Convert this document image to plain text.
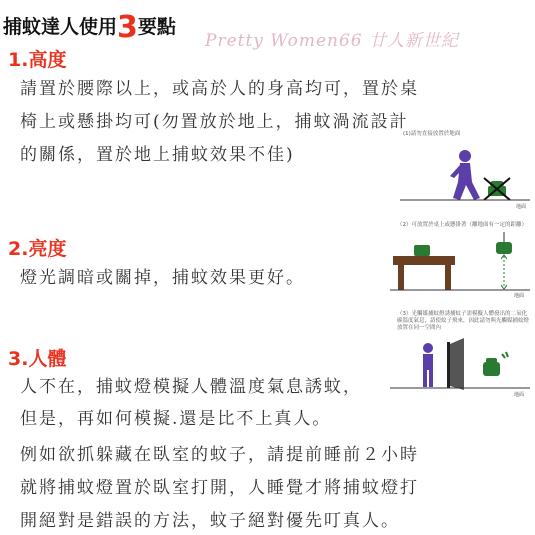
捕蚊達人使用3要點
Pretty Women66 廿人新世紀
1.高度
請置於腰際以上，或高於人的身高均可，置於桌
椅上或懸掛均可(勿置放於地上，捕蚊渦流設計
的關係，置於地上捕蚊效果不佳)
2.亮度
燈光調暗或關掉，捕蚊效果更好。
3.人體
人不在，捕蚊燈模擬人體溫度氣息誘蚊，
但是，再如何模擬.還是比不上真人。
例如欲抓躲藏在臥室的蚊子，請提前睡前２小時
就將捕蚊燈置於臥室打開，人睡覺才將捕蚊燈打
開絕對是錯誤的方法，蚊子絕對優先叮真人。
(1)請勿直接放置於地面
地面
（2）可放置於桌上或懸掛著（離地面有一定的距離）
地面
（3）光觸媒捕蚊燈誘捕蚊子需模擬人體發出的二氧化碳溫度氣息，請使蚊子飛來，因此請勿與光觸媒捕蚊燈放置在同一空間內
地面
